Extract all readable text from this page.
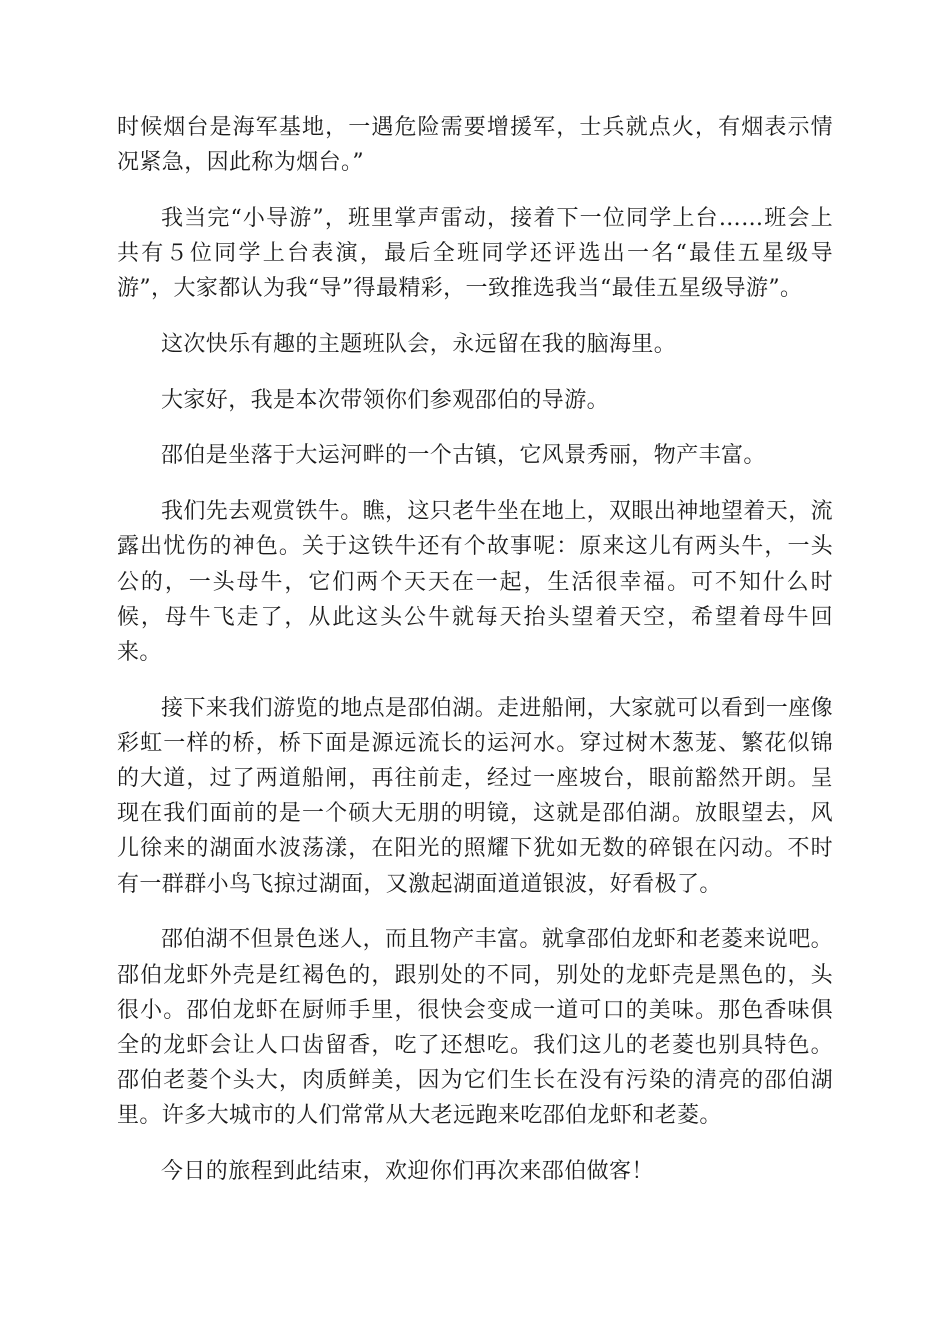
时候烟台是海军基地，一遇危险需要增援军，士兵就点火，有烟表示情况紧急，因此称为烟台。”

我当完“小导游”，班里掌声雷动，接着下一位同学上台……班会上共有５位同学上台表演，最后全班同学还评选出一名“最佳五星级导游”，大家都认为我“导”得最精彩，一致推选我当“最佳五星级导游”。

这次快乐有趣的主题班队会，永远留在我的脑海里。

大家好，我是本次带领你们参观邵伯的导游。

邵伯是坐落于大运河畔的一个古镇，它风景秀丽，物产丰富。

我们先去观赏铁牛。瞧，这只老牛坐在地上，双眼出神地望着天，流露出忧伤的神色。关于这铁牛还有个故事呢：原来这儿有两头牛，一头公的，一头母牛，它们两个天天在一起，生活很幸福。可不知什么时候，母牛飞走了，从此这头公牛就每天抬头望着天空，希望着母牛回来。

接下来我们游览的地点是邵伯湖。走进船闸，大家就可以看到一座像彩虹一样的桥，桥下面是源远流长的运河水。穿过树木葱茏、繁花似锦的大道，过了两道船闸，再往前走，经过一座坡台，眼前豁然开朗。呈现在我们面前的是一个硕大无朋的明镜，这就是邵伯湖。放眼望去，风儿徐来的湖面水波荡漾，在阳光的照耀下犹如无数的碎银在闪动。不时有一群群小鸟飞掠过湖面，又激起湖面道道银波，好看极了。

邵伯湖不但景色迷人，而且物产丰富。就拿邵伯龙虾和老菱来说吧。邵伯龙虾外壳是红褐色的，跟别处的不同，别处的龙虾壳是黑色的，头很小。邵伯龙虾在厨师手里，很快会变成一道可口的美味。那色香味俱全的龙虾会让人口齿留香，吃了还想吃。我们这儿的老菱也别具特色。邵伯老菱个头大，肉质鲜美，因为它们生长在没有污染的清亮的邵伯湖里。许多大城市的人们常常从大老远跑来吃邵伯龙虾和老菱。

今日的旅程到此结束，欢迎你们再次来邵伯做客！
